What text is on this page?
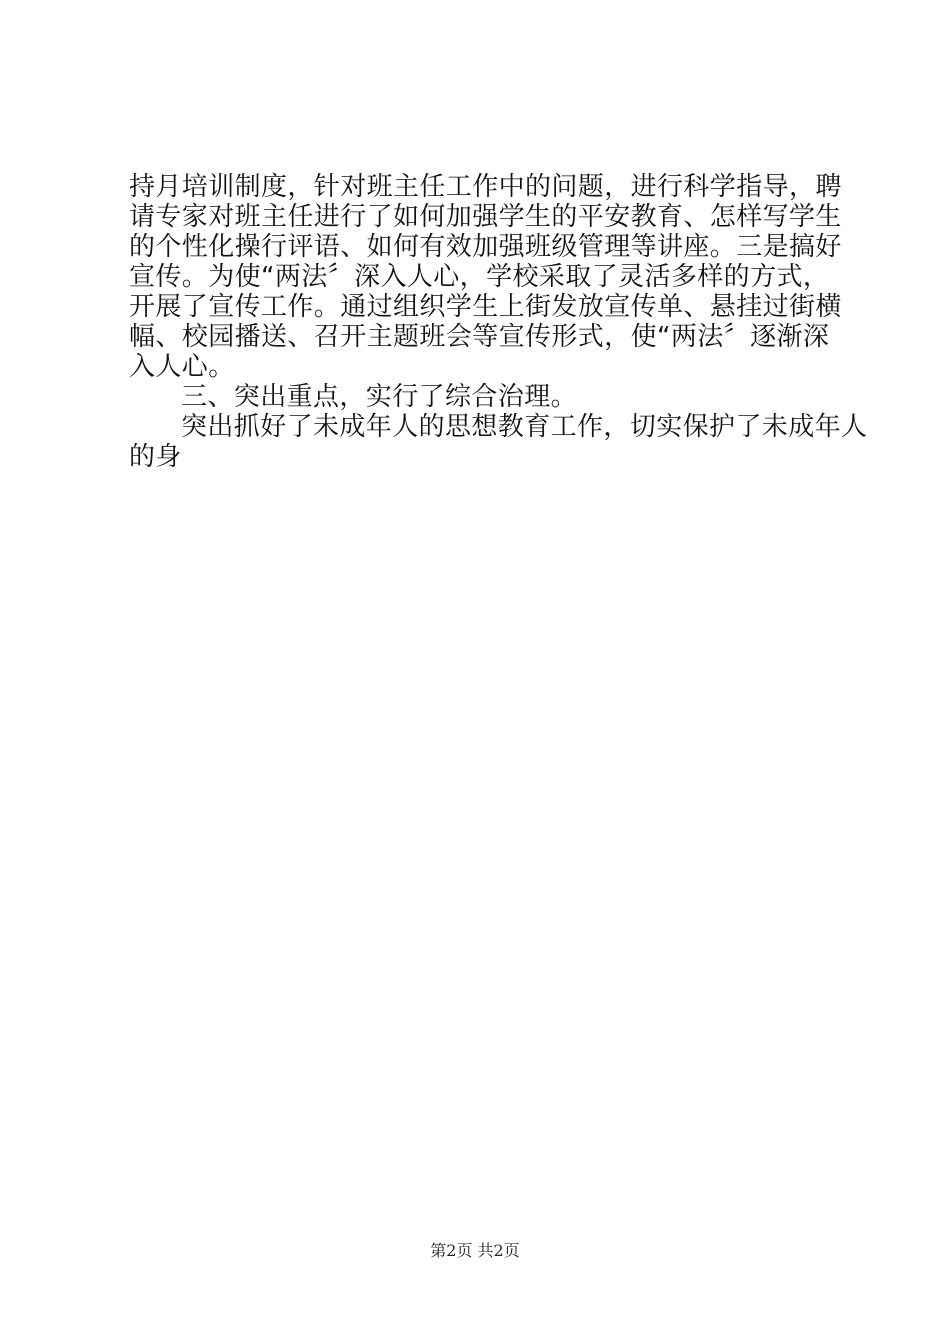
持月培训制度，针对班主任工作中的问题，进行科学指导，聘
请专家对班主任进行了如何加强学生的平安教育、怎样写学生
的个性化操行评语、如何有效加强班级管理等讲座。三是搞好
宣传。为使“两法〞深入人心，学校采取了灵活多样的方式，
开展了宣传工作。通过组织学生上街发放宣传单、悬挂过街横
幅、校园播送、召开主题班会等宣传形式，使“两法〞逐渐深
入人心。
三、突出重点，实行了综合治理。
突出抓好了未成年人的思想教育工作，切实保护了未成年人
的身
第2页 共2页
